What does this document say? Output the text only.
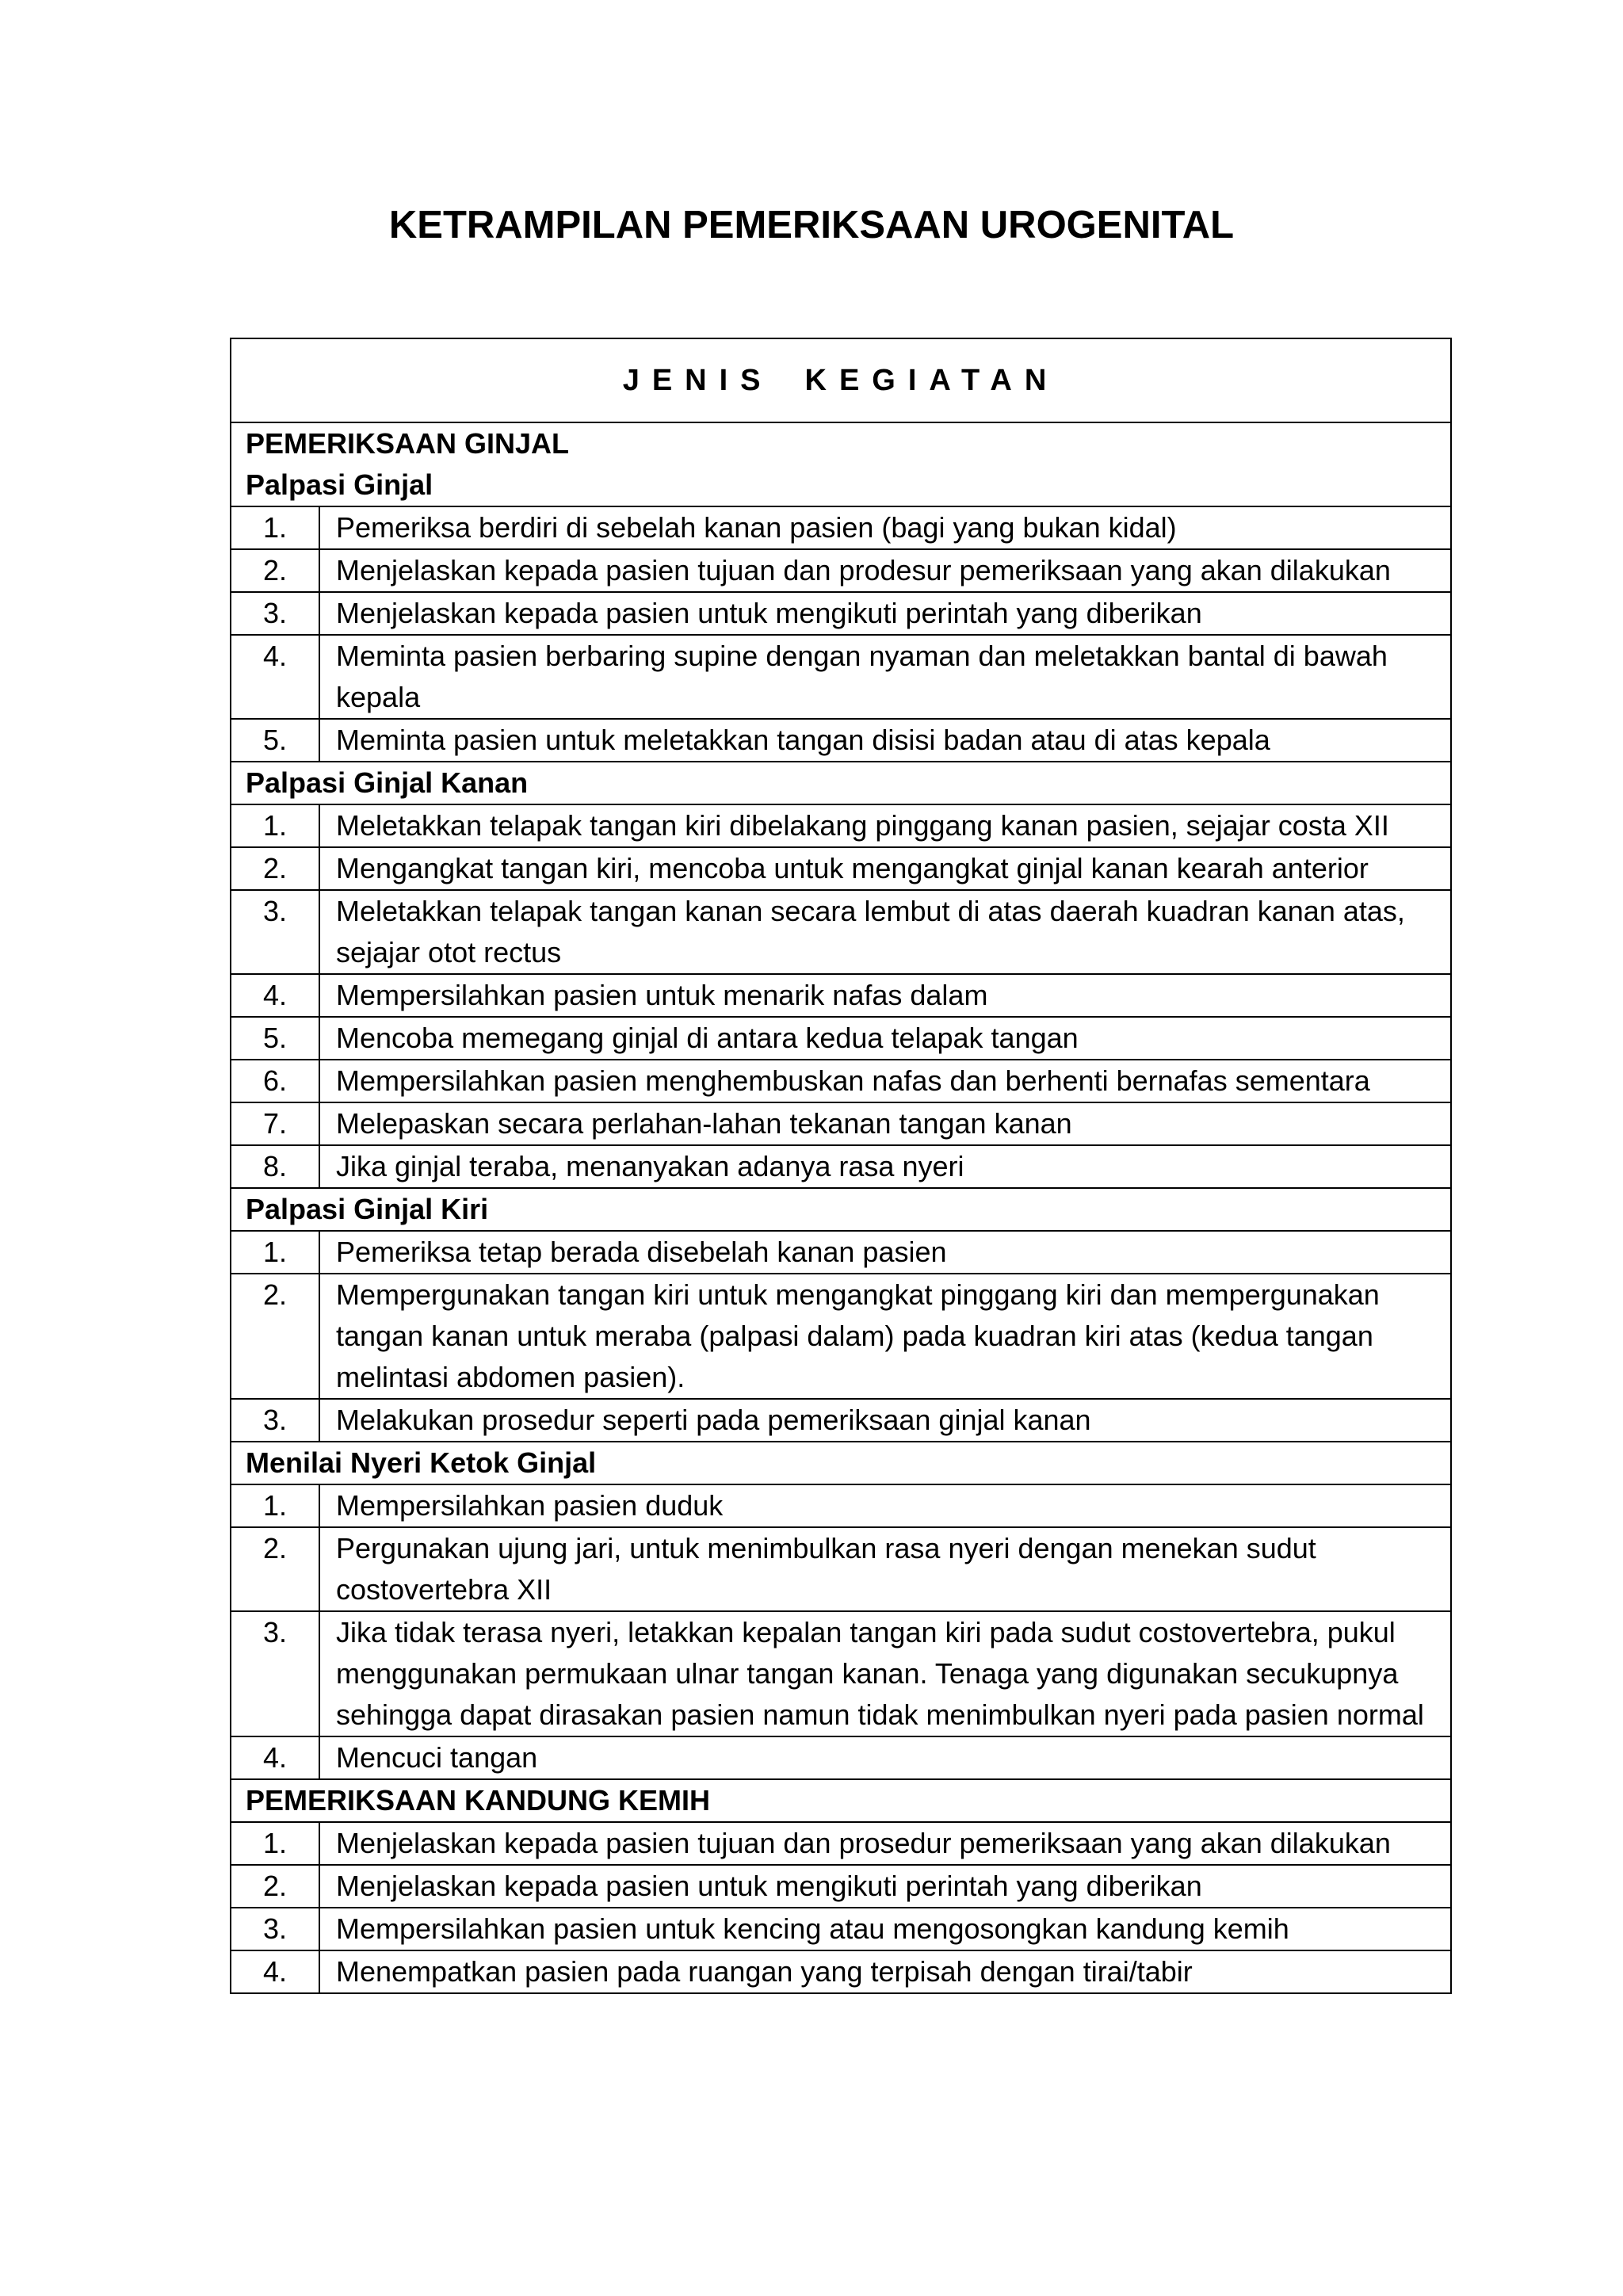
KETRAMPILAN PEMERIKSAAN UROGENITAL
JENIS KEGIATAN	

PEMERIKSAAN GINJAL
Palpasi Ginjal	

1.	Pemeriksa berdiri di sebelah kanan pasien (bagi yang bukan kidal)
2.	Menjelaskan kepada pasien tujuan dan prodesur pemeriksaan yang akan dilakukan
3.	Menjelaskan kepada pasien untuk mengikuti perintah yang diberikan
4.	Meminta pasien berbaring supine dengan nyaman dan meletakkan bantal di bawah kepala
5.	Meminta pasien untuk meletakkan tangan disisi badan atau di atas kepala
Palpasi Ginjal Kanan	
1.	Meletakkan telapak tangan kiri dibelakang pinggang kanan pasien, sejajar costa XII
2.	Mengangkat tangan kiri, mencoba untuk mengangkat ginjal kanan kearah anterior
3.	Meletakkan telapak tangan kanan secara lembut di atas daerah kuadran kanan atas, sejajar otot rectus
4.	Mempersilahkan pasien untuk menarik nafas dalam
5.	Mencoba memegang ginjal di antara kedua telapak tangan
6.	Mempersilahkan pasien menghembuskan nafas dan berhenti bernafas sementara
7.	Melepaskan secara perlahan-lahan tekanan tangan kanan
8.	Jika ginjal teraba, menanyakan adanya rasa nyeri
Palpasi Ginjal Kiri	
1.	Pemeriksa tetap berada disebelah kanan pasien
2.	Mempergunakan tangan kiri untuk mengangkat pinggang kiri dan mempergunakan tangan kanan untuk meraba (palpasi dalam) pada kuadran kiri atas (kedua tangan melintasi abdomen pasien).
3.	Melakukan prosedur seperti pada pemeriksaan ginjal kanan
Menilai Nyeri Ketok Ginjal	
1.	Mempersilahkan pasien duduk
2.	Pergunakan ujung jari, untuk menimbulkan rasa nyeri dengan menekan sudut costovertebra XII
3.	Jika tidak terasa nyeri, letakkan kepalan tangan kiri pada sudut costovertebra, pukul menggunakan permukaan ulnar tangan kanan. Tenaga yang digunakan secukupnya sehingga dapat dirasakan pasien namun tidak menimbulkan nyeri pada pasien normal
4.	Mencuci tangan
PEMERIKSAAN KANDUNG KEMIH	
1.	Menjelaskan kepada pasien tujuan dan prosedur pemeriksaan yang akan dilakukan
2.	Menjelaskan kepada pasien untuk mengikuti perintah yang diberikan
3.	Mempersilahkan pasien untuk kencing atau mengosongkan kandung kemih
4.	Menempatkan pasien pada ruangan yang terpisah dengan tirai/tabir
